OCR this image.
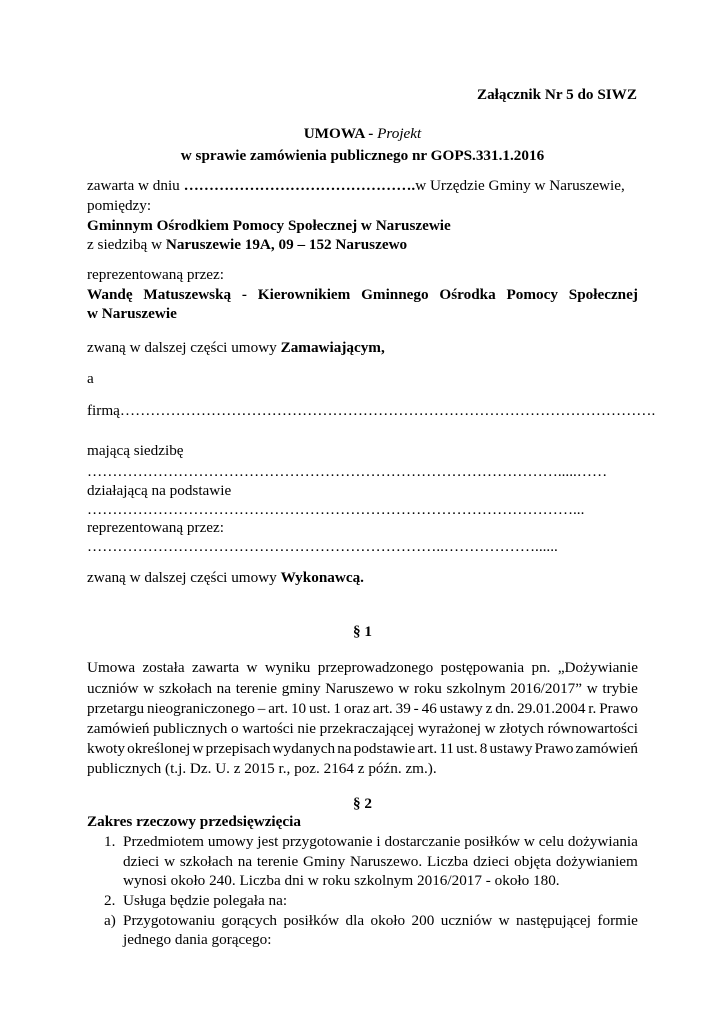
Załącznik Nr 5 do SIWZ
UMOWA - Projekt
w sprawie zamówienia publicznego nr GOPS.331.1.2016
zawarta w dniu ……………………………………….w Urzędzie Gminy w Naruszewie,
pomiędzy:
Gminnym Ośrodkiem Pomocy Społecznej w Naruszewie
z siedzibą w Naruszewie 19A, 09 – 152 Naruszewo
reprezentowaną przez:
Wandę Matuszewską - Kierownikiem Gminnego Ośrodka Pomocy Społecznej
w Naruszewie
zwaną w dalszej części umowy Zamawiającym,
a
firmą…………………………………………………………………………………………….
mającą siedzibę
………………………………………………………………………………….....……
działającą na podstawie
……………………………………………………………………………………...
reprezentowaną przez:
……………………………………………………………..………………......
zwaną w dalszej części umowy Wykonawcą.
§ 1
Umowa została zawarta w wyniku przeprowadzonego postępowania pn. „Dożywianie
uczniów w szkołach na terenie gminy Naruszewo w roku szkolnym 2016/2017” w trybie
przetargu nieograniczonego – art. 10 ust. 1 oraz art. 39 - 46 ustawy z dn. 29.01.2004 r. Prawo
zamówień publicznych o wartości nie przekraczającej wyrażonej w złotych równowartości
kwoty określonej w przepisach wydanych na podstawie art. 11 ust. 8 ustawy Prawo zamówień
publicznych (t.j. Dz. U. z 2015 r., poz. 2164 z późn. zm.).
§ 2
Zakres rzeczowy przedsięwzięcia
1. Przedmiotem umowy jest przygotowanie i dostarczanie posiłków w celu dożywiania
dzieci w szkołach na terenie Gminy Naruszewo. Liczba dzieci objęta dożywianiem
wynosi około 240. Liczba dni w roku szkolnym 2016/2017 - około 180.
2. Usługa będzie polegała na:
a) Przygotowaniu gorących posiłków dla około 200 uczniów w następującej formie
jednego dania gorącego:
